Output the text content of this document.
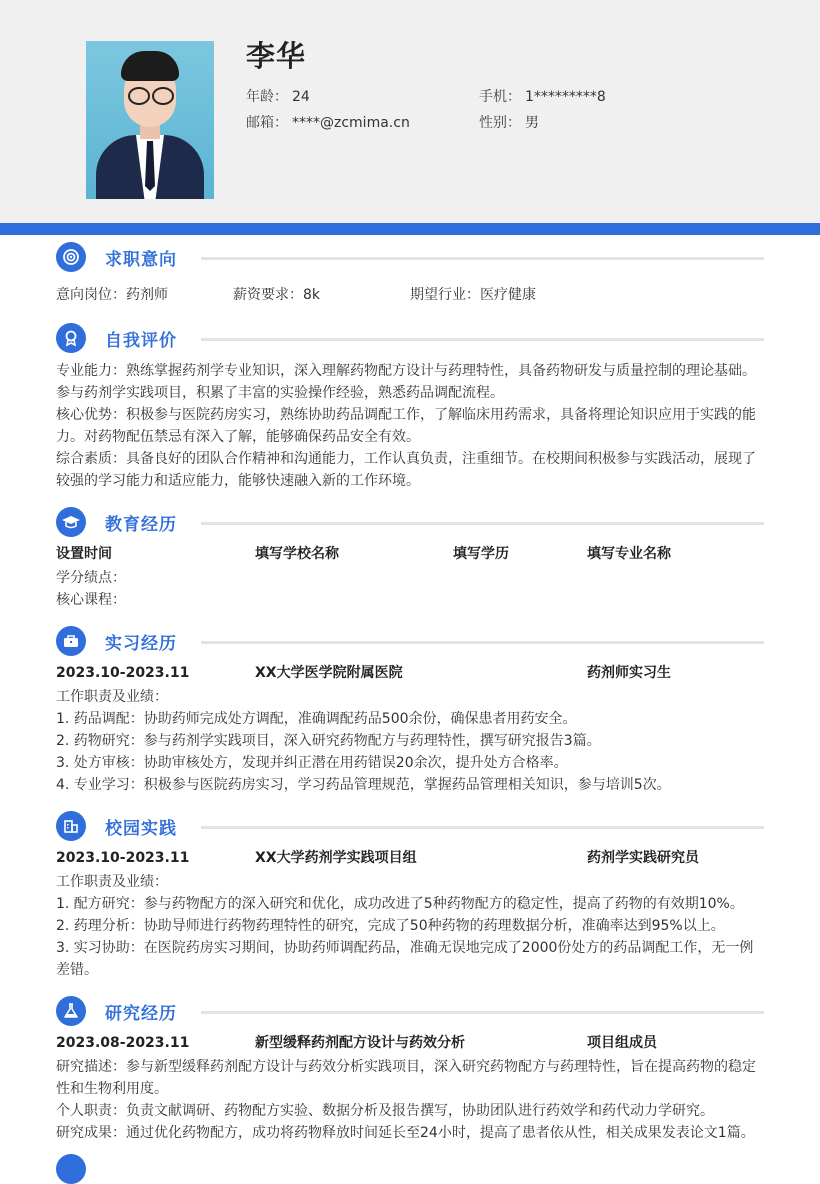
李华
年龄： 24	手机： 1*********8
邮箱： ****@zcmima.cn	性别： 男
求职意向
意向岗位：药剂师	薪资要求：8k	期望行业：医疗健康
自我评价
专业能力：熟练掌握药剂学专业知识，深入理解药物配方设计与药理特性，具备药物研发与质量控制的理论基础。参与药剂学实践项目，积累了丰富的实验操作经验，熟悉药品调配流程。
核心优势：积极参与医院药房实习，熟练协助药品调配工作，了解临床用药需求，具备将理论知识应用于实践的能力。对药物配伍禁忌有深入了解，能够确保药品安全有效。
综合素质：具备良好的团队合作精神和沟通能力，工作认真负责，注重细节。在校期间积极参与实践活动，展现了较强的学习能力和适应能力，能够快速融入新的工作环境。
教育经历
设置时间	填写学校名称	填写学历	填写专业名称
学分绩点：
核心课程：
实习经历
2023.10-2023.11	XX大学医学院附属医院	药剂师实习生
工作职责及业绩：
1. 药品调配：协助药师完成处方调配，准确调配药品500余份，确保患者用药安全。
2. 药物研究：参与药剂学实践项目，深入研究药物配方与药理特性，撰写研究报告3篇。
3. 处方审核：协助审核处方，发现并纠正潜在用药错误20余次，提升处方合格率。
4. 专业学习：积极参与医院药房实习，学习药品管理规范，掌握药品管理相关知识，参与培训5次。
校园实践
2023.10-2023.11	XX大学药剂学实践项目组	药剂学实践研究员
工作职责及业绩：
1. 配方研究：参与药物配方的深入研究和优化，成功改进了5种药物配方的稳定性，提高了药物的有效期10%。
2. 药理分析：协助导师进行药物药理特性的研究，完成了50种药物的药理数据分析，准确率达到95%以上。
3. 实习协助：在医院药房实习期间，协助药师调配药品，准确无误地完成了2000份处方的药品调配工作，无一例差错。
研究经历
2023.08-2023.11	新型缓释药剂配方设计与药效分析	项目组成员
研究描述：参与新型缓释药剂配方设计与药效分析实践项目，深入研究药物配方与药理特性，旨在提高药物的稳定性和生物利用度。
个人职责：负责文献调研、药物配方实验、数据分析及报告撰写，协助团队进行药效学和药代动力学研究。
研究成果：通过优化药物配方，成功将药物释放时间延长至24小时，提高了患者依从性，相关成果发表论文1篇。
